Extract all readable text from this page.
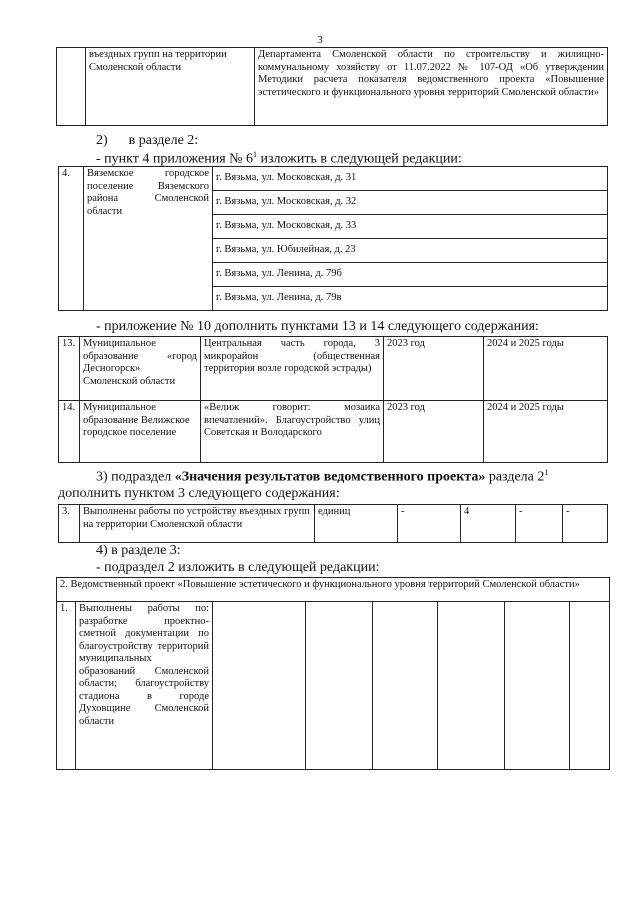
3
	въездных групп на территории Смоленской области	Департамента Смоленской области по строительству и жилищно-коммунальному хозяйству от 11.07.2022 № 107-ОД «Об утверждении Методики расчета показателя ведомственного проекта «Повышение эстетического и функционального уровня территорий Смоленской области»
2) в разделе 2:
- пункт 4 приложения № $6^1$ изложить в следующей редакции:
4.	Вяземское городское поселение Вяземского района Смоленской области	г. Вязьма, ул. Московская, д. 31
г. Вязьма, ул. Московская, д. 32
г. Вязьма, ул. Московская, д. 33
г. Вязьма, ул. Юбилейная, д. 23
г. Вязьма, ул. Ленина, д. 79б
г. Вязьма, ул. Ленина, д. 79в
- приложение № 10 дополнить пунктами 13 и 14 следующего содержания:
13.	Муниципальное образование «город Десногорск» Смоленской области	Центральная часть города, 3 микрорайон (общественная территория возле городской эстрады)	2023 год	2024 и 2025 годы
14.	Муниципальное образование Велижское городское поселение	«Велиж говорит: мозаика впечатлений». Благоустройство улиц Советская и Володарского	2023 год	2024 и 2025 годы
3) подраздел «Значения результатов ведомственного проекта» раздела $2^1$
дополнить пунктом 3 следующего содержания:
3.	Выполнены работы по устройству въездных групп на территории Смоленской области	единиц	-	4	-	-
4) в разделе 3:
- подраздел 2 изложить в следующей редакции:
2. Ведомственный проект «Повышение эстетического и функционального уровня территорий Смоленской области»
1.	Выполнены работы по: разработке проектно-сметной документации по благоустройству территорий муниципальных образований Смоленской области; благоустройству стадиона в городе Духовщине Смоленской области						
